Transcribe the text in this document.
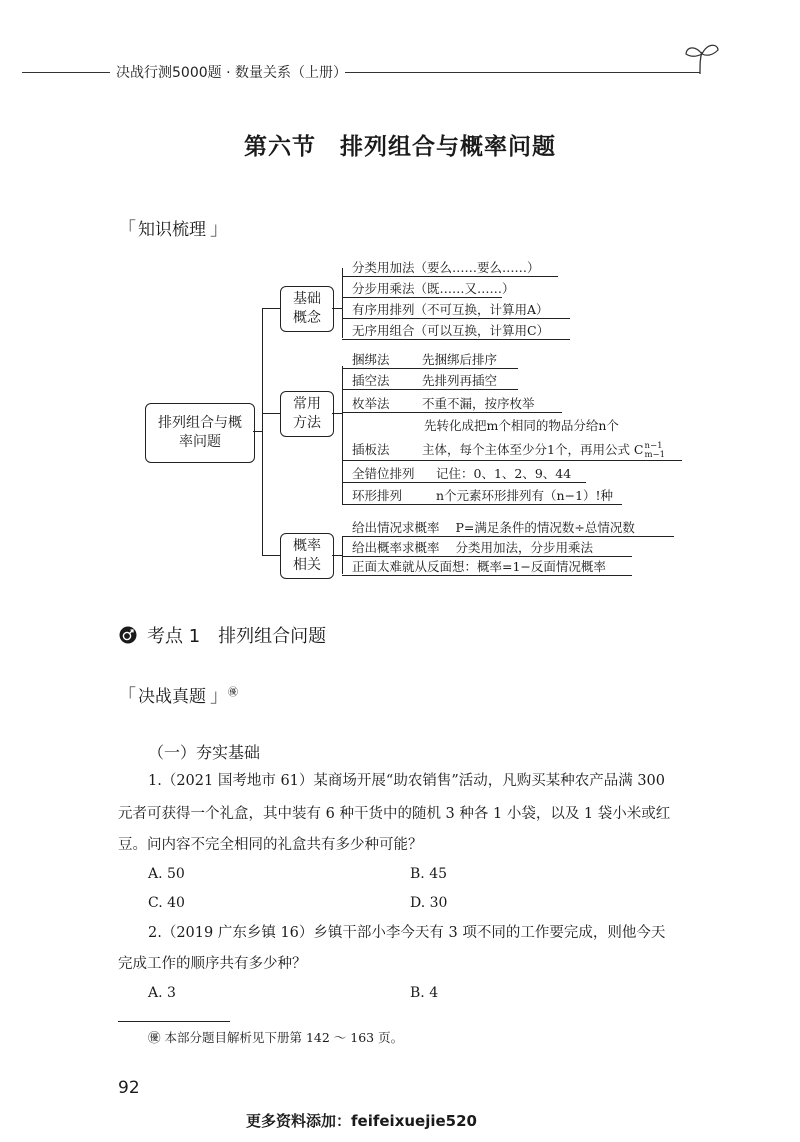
决战行测5000题 · 数量关系（上册）
第六节　排列组合与概率问题
「 知识梳理 」
排列组合与概率问题
基础概念
分类用加法（要么……要么……）
分步用乘法（既……又……）
有序用排列（不可互换，计算用A）
无序用组合（可以互换，计算用C）
常用方法
捆绑法	先捆绑后排序
插空法	先排列再插空
枚举法	不重不漏，按序枚举
先转化成把m个相同的物品分给n个
插板法	主体，每个主体至少分1个，再用公式 C n−1
m−1
全错位排列 记住：0、1、2、9、44
环形排列	n个元素环形排列有（n−1）!种
概率相关
给出情况求概率 P=满足条件的情况数÷总情况数
给出概率求概率 分类用加法，分步用乘法
正面太难就从反面想：概率=1−反面情况概率
考点 1　排列组合问题
「 决战真题 」㊝
（一）夯实基础
1.（2021 国考地市 61）某商场开展“助农销售”活动，凡购买某种农产品满 300
元者可获得一个礼盒，其中装有 6 种干货中的随机 3 种各 1 小袋，以及 1 袋小米或红
豆。问内容不完全相同的礼盒共有多少种可能？
A. 50	B. 45
C. 40	D. 30
2.（2019 广东乡镇 16）乡镇干部小李今天有 3 项不同的工作要完成，则他今天
完成工作的顺序共有多少种？
A. 3	B. 4
㊝ 本部分题目解析见下册第 142 ～ 163 页。
92
更多资料添加：feifeixuejie520
